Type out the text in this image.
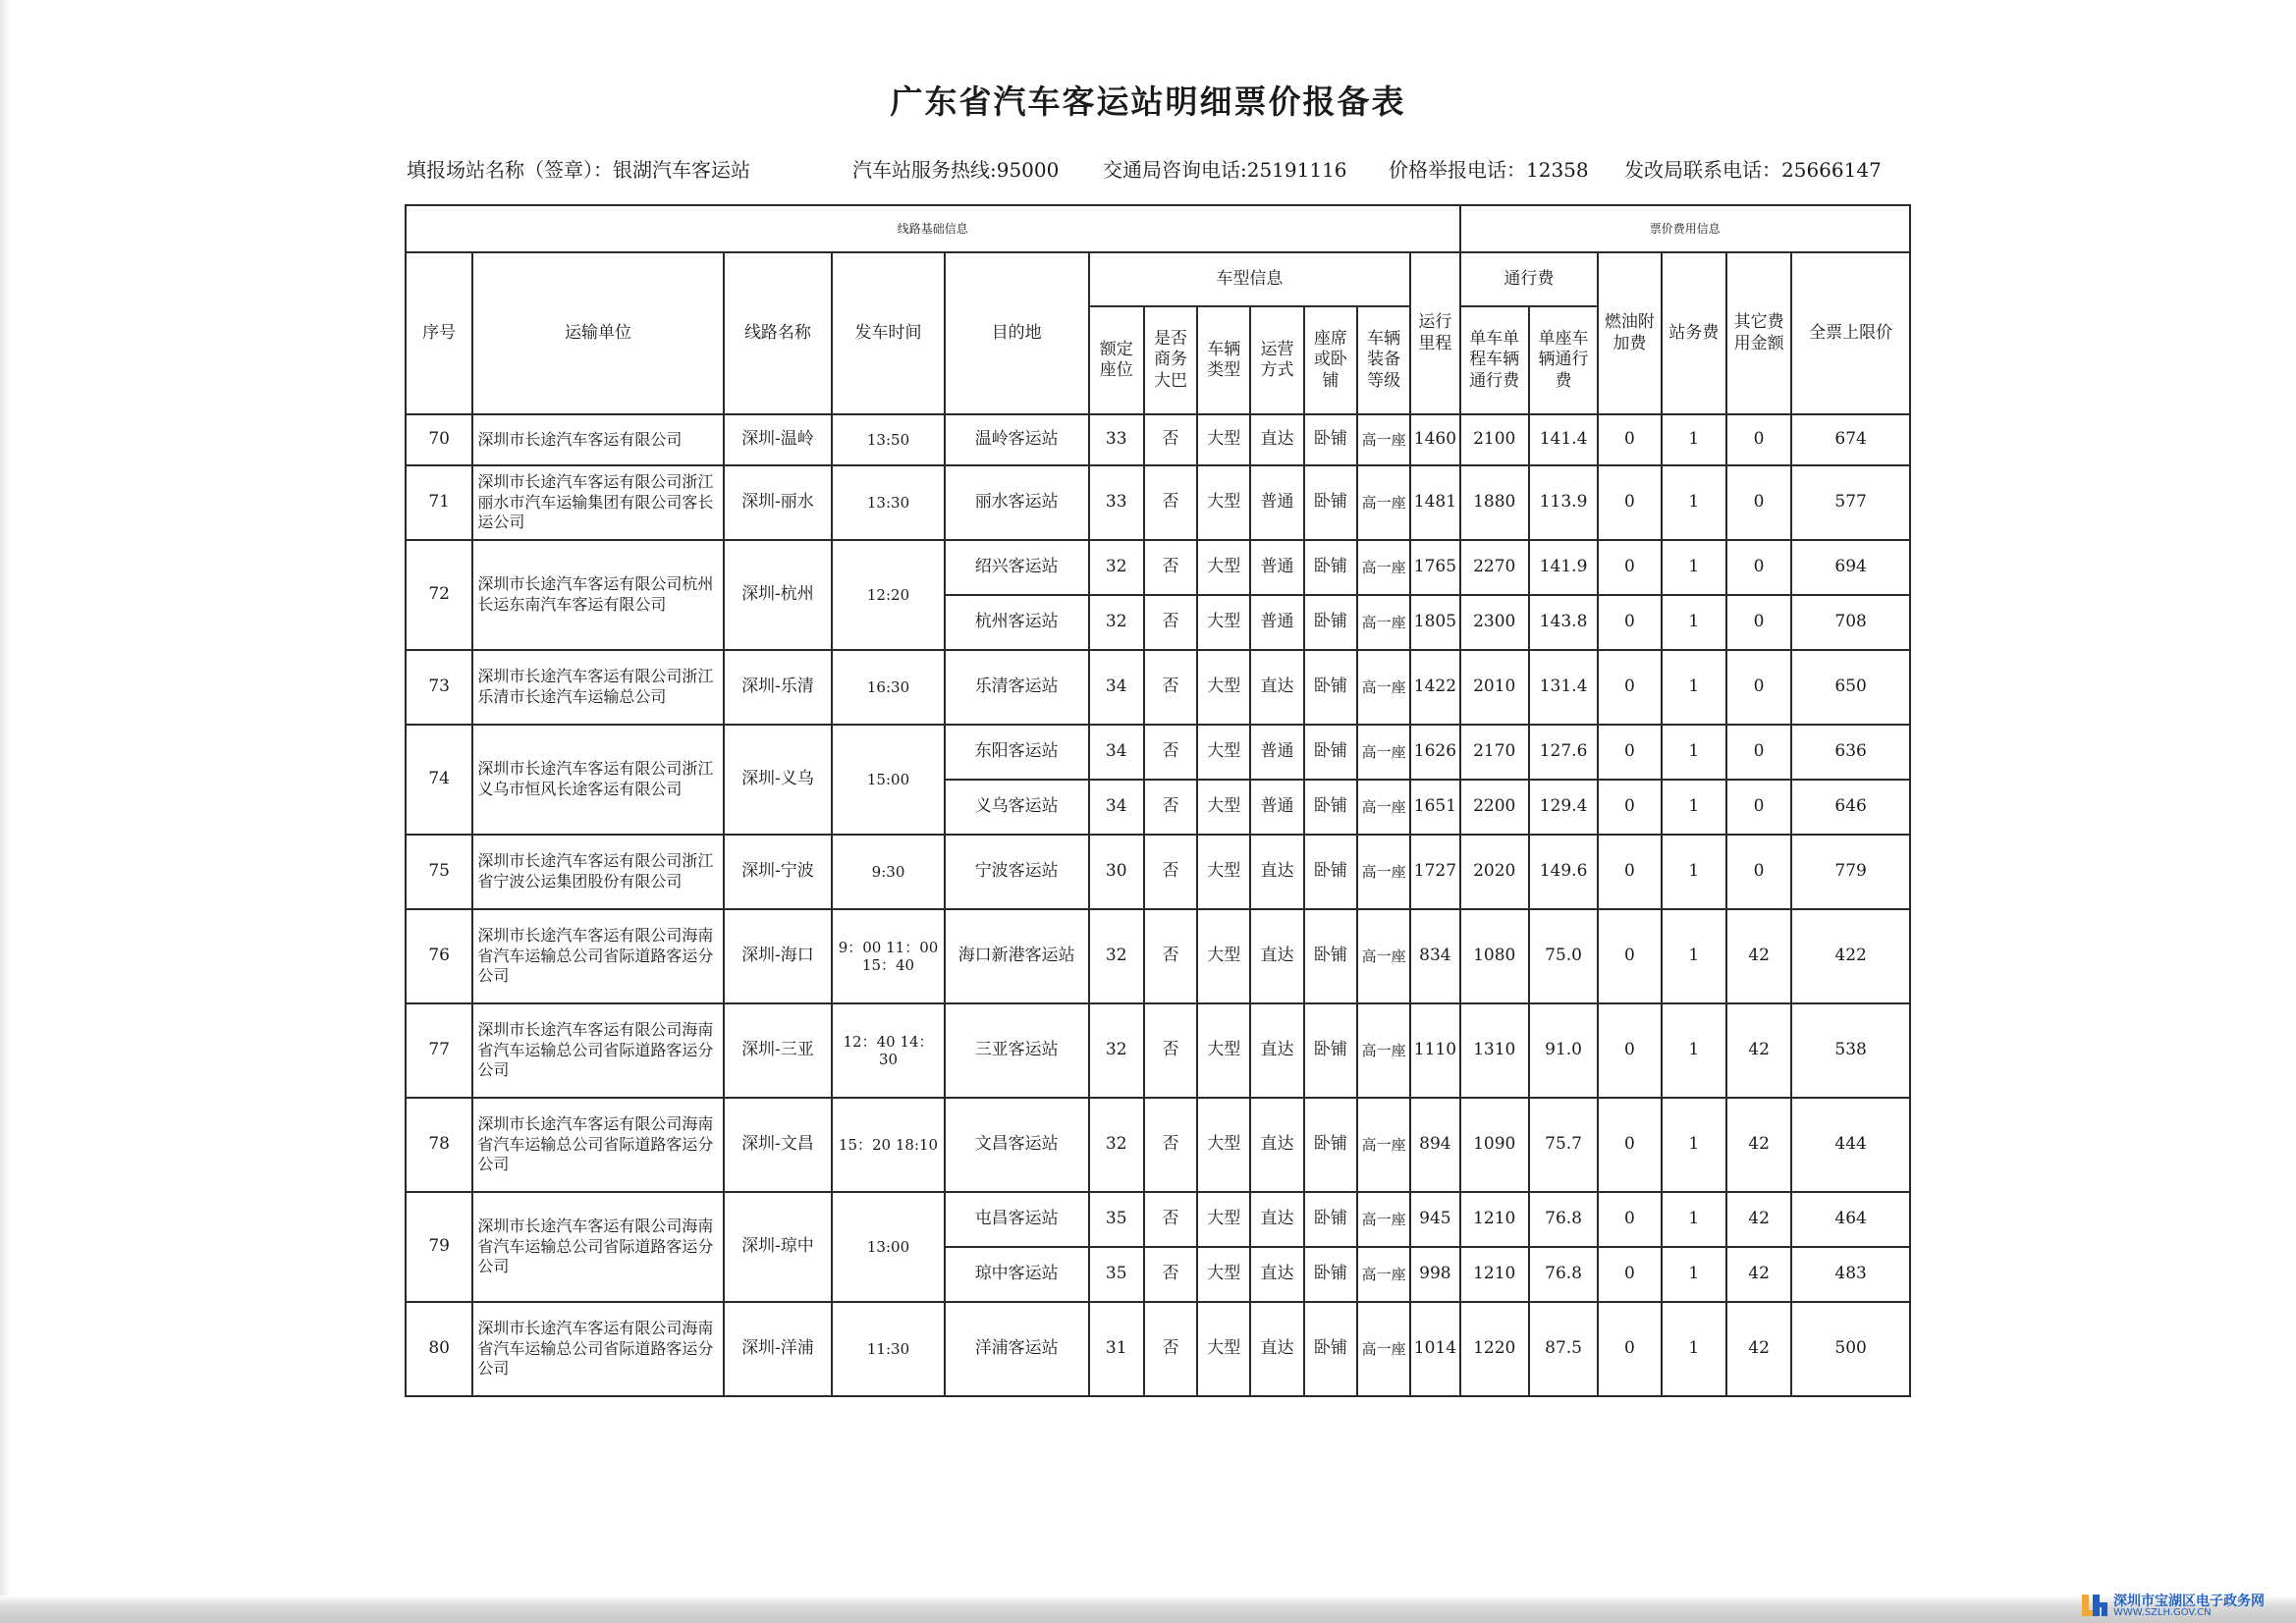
广东省汽车客运站明细票价报备表
填报场站名称（签章）：银湖汽车客运站	汽车站服务热线:95000 交通局咨询电话:25191116 价格举报电话：12358 发改局联系电话：25666147
线路基础信息												票价费用信息					
序号	运输单位	线路名称	发车时间	目的地	车型信息						运行里程	通行费		燃油附加费	站务费	其它费用金额	全票上限价
					额定座位	是否商务大巴	车辆类型	运营方式	座席或卧铺	车辆装备等级		单车单程车辆通行费	单座车辆通行费				
70	深圳市长途汽车客运有限公司	深圳-温岭	13:50	温岭客运站	33	否	大型	直达	卧铺	高一座	1460	2100	141.4	0	1	0	674
71	深圳市长途汽车客运有限公司浙江丽水市汽车运输集团有限公司客长运公司	深圳-丽水	13:30	丽水客运站	33	否	大型	普通	卧铺	高一座	1481	1880	113.9	0	1	0	577
72	深圳市长途汽车客运有限公司杭州长运东南汽车客运有限公司	深圳-杭州	12:20	绍兴客运站	32	否	大型	普通	卧铺	高一座	1765	2270	141.9	0	1	0	694
				杭州客运站	32	否	大型	普通	卧铺	高一座	1805	2300	143.8	0	1	0	708
73	深圳市长途汽车客运有限公司浙江乐清市长途汽车运输总公司	深圳-乐清	16:30	乐清客运站	34	否	大型	直达	卧铺	高一座	1422	2010	131.4	0	1	0	650
74	深圳市长途汽车客运有限公司浙江义乌市恒风长途客运有限公司	深圳-义乌	15:00	东阳客运站	34	否	大型	普通	卧铺	高一座	1626	2170	127.6	0	1	0	636
				义乌客运站	34	否	大型	普通	卧铺	高一座	1651	2200	129.4	0	1	0	646
75	深圳市长途汽车客运有限公司浙江省宁波公运集团股份有限公司	深圳-宁波	9:30	宁波客运站	30	否	大型	直达	卧铺	高一座	1727	2020	149.6	0	1	0	779
76	深圳市长途汽车客运有限公司海南省汽车运输总公司省际道路客运分公司	深圳-海口	9：00 11：00 15：40	海口新港客运站	32	否	大型	直达	卧铺	高一座	834	1080	75.0	0	1	42	422
77	深圳市长途汽车客运有限公司海南省汽车运输总公司省际道路客运分公司	深圳-三亚	12：40 14：30	三亚客运站	32	否	大型	直达	卧铺	高一座	1110	1310	91.0	0	1	42	538
78	深圳市长途汽车客运有限公司海南省汽车运输总公司省际道路客运分公司	深圳-文昌	15：20 18:10	文昌客运站	32	否	大型	直达	卧铺	高一座	894	1090	75.7	0	1	42	444
79	深圳市长途汽车客运有限公司海南省汽车运输总公司省际道路客运分公司	深圳-琼中	13:00	屯昌客运站	35	否	大型	直达	卧铺	高一座	945	1210	76.8	0	1	42	464
				琼中客运站	35	否	大型	直达	卧铺	高一座	998	1210	76.8	0	1	42	483
80	深圳市长途汽车客运有限公司海南省汽车运输总公司省际道路客运分公司	深圳-洋浦	11:30	洋浦客运站	31	否	大型	直达	卧铺	高一座	1014	1220	87.5	0	1	42	500
深圳市宝湖区电子政务网
WWW.SZLH.GOV.CN
